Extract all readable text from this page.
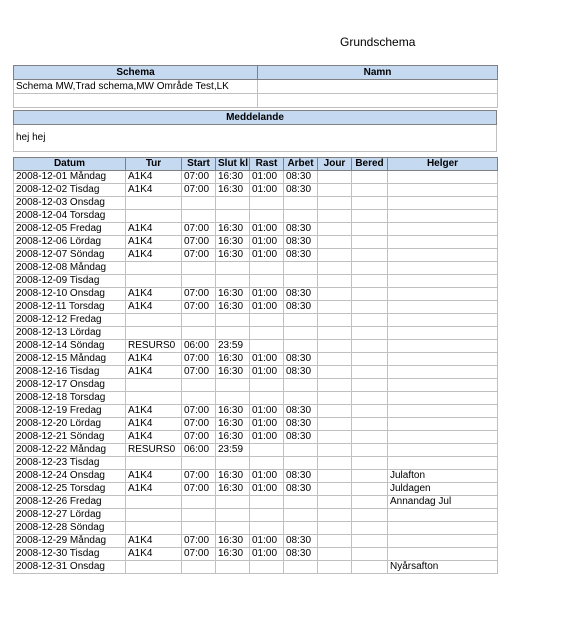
Grundschema
Schema	Namn
Schema MW,Trad schema,MW Område Test,LK	

Meddelande
hej hej
Datum	Tur	Start	Slut kl	Rast	Arbet	Jour	Bered	Helger
2008-12-01 Måndag	A1K4	07:00	16:30	01:00	08:30			
2008-12-02 Tisdag	A1K4	07:00	16:30	01:00	08:30			
2008-12-03 Onsdag								
2008-12-04 Torsdag								
2008-12-05 Fredag	A1K4	07:00	16:30	01:00	08:30			
2008-12-06 Lördag	A1K4	07:00	16:30	01:00	08:30			
2008-12-07 Söndag	A1K4	07:00	16:30	01:00	08:30			
2008-12-08 Måndag								
2008-12-09 Tisdag								
2008-12-10 Onsdag	A1K4	07:00	16:30	01:00	08:30			
2008-12-11 Torsdag	A1K4	07:00	16:30	01:00	08:30			
2008-12-12 Fredag								
2008-12-13 Lördag								
2008-12-14 Söndag	RESURS0	06:00	23:59					
2008-12-15 Måndag	A1K4	07:00	16:30	01:00	08:30			
2008-12-16 Tisdag	A1K4	07:00	16:30	01:00	08:30			
2008-12-17 Onsdag								
2008-12-18 Torsdag								
2008-12-19 Fredag	A1K4	07:00	16:30	01:00	08:30			
2008-12-20 Lördag	A1K4	07:00	16:30	01:00	08:30			
2008-12-21 Söndag	A1K4	07:00	16:30	01:00	08:30			
2008-12-22 Måndag	RESURS0	06:00	23:59					
2008-12-23 Tisdag								
2008-12-24 Onsdag	A1K4	07:00	16:30	01:00	08:30			Julafton
2008-12-25 Torsdag	A1K4	07:00	16:30	01:00	08:30			Juldagen
2008-12-26 Fredag								Annandag Jul
2008-12-27 Lördag								
2008-12-28 Söndag								
2008-12-29 Måndag	A1K4	07:00	16:30	01:00	08:30			
2008-12-30 Tisdag	A1K4	07:00	16:30	01:00	08:30			
2008-12-31 Onsdag								Nyårsafton
